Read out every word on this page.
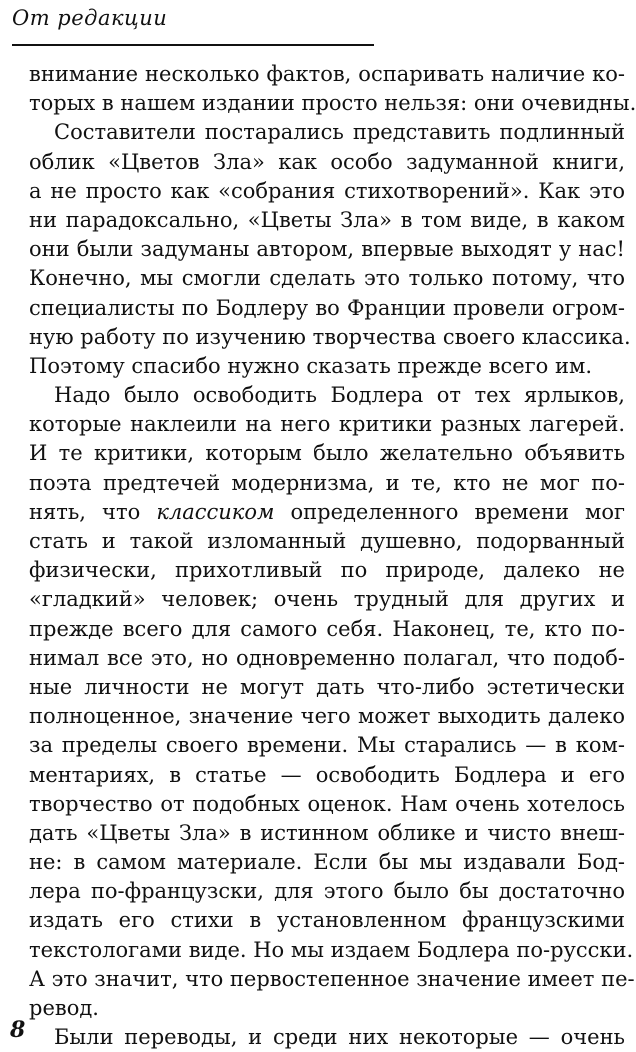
От редакции
внимание несколько фактов, оспаривать наличие ко-
торых в нашем издании просто нельзя: они очевидны.
Составители постарались представить подлинный
облик «Цветов Зла» как особо задуманной книги,
а не просто как «собрания стихотворений». Как это
ни парадоксально, «Цветы Зла» в том виде, в каком
они были задуманы автором, впервые выходят у нас!
Конечно, мы смогли сделать это только потому, что
специалисты по Бодлеру во Франции провели огром-
ную работу по изучению творчества своего классика.
Поэтому спасибо нужно сказать прежде всего им.
Надо было освободить Бодлера от тех ярлыков,
которые наклеили на него критики разных лагерей.
И те критики, которым было желательно объявить
поэта предтечей модернизма, и те, кто не мог по-
нять, что классиком определенного времени мог
стать и такой изломанный душевно, подорванный
физически, прихотливый по природе, далеко не
«гладкий» человек; очень трудный для других и
прежде всего для самого себя. Наконец, те, кто по-
нимал все это, но одновременно полагал, что подоб-
ные личности не могут дать что-либо эстетически
полноценное, значение чего может выходить далеко
за пределы своего времени. Мы старались — в ком-
ментариях, в статье — освободить Бодлера и его
творчество от подобных оценок. Нам очень хотелось
дать «Цветы Зла» в истинном облике и чисто внеш-
не: в самом материале. Если бы мы издавали Бод-
лера по-французски, для этого было бы достаточно
издать его стихи в установленном французскими
текстологами виде. Но мы издаем Бодлера по-русски.
А это значит, что первостепенное значение имеет пе-
ревод.
Были переводы, и среди них некоторые — очень
8
